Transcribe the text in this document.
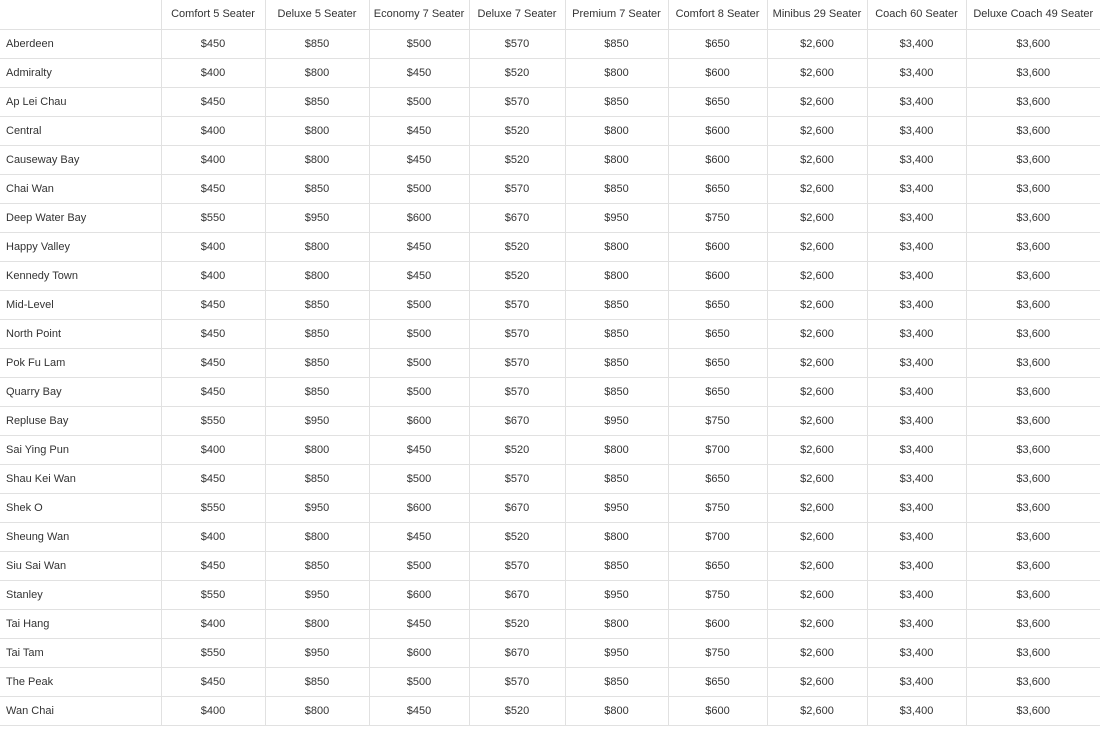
	Comfort 5 Seater	Deluxe 5 Seater	Economy 7 Seater	Deluxe 7 Seater	Premium 7 Seater	Comfort 8 Seater	Minibus 29 Seater	Coach 60 Seater	Deluxe Coach 49 Seater
Aberdeen	$450	$850	$500	$570	$850	$650	$2,600	$3,400	$3,600
Admiralty	$400	$800	$450	$520	$800	$600	$2,600	$3,400	$3,600
Ap Lei Chau	$450	$850	$500	$570	$850	$650	$2,600	$3,400	$3,600
Central	$400	$800	$450	$520	$800	$600	$2,600	$3,400	$3,600
Causeway Bay	$400	$800	$450	$520	$800	$600	$2,600	$3,400	$3,600
Chai Wan	$450	$850	$500	$570	$850	$650	$2,600	$3,400	$3,600
Deep Water Bay	$550	$950	$600	$670	$950	$750	$2,600	$3,400	$3,600
Happy Valley	$400	$800	$450	$520	$800	$600	$2,600	$3,400	$3,600
Kennedy Town	$400	$800	$450	$520	$800	$600	$2,600	$3,400	$3,600
Mid-Level	$450	$850	$500	$570	$850	$650	$2,600	$3,400	$3,600
North Point	$450	$850	$500	$570	$850	$650	$2,600	$3,400	$3,600
Pok Fu Lam	$450	$850	$500	$570	$850	$650	$2,600	$3,400	$3,600
Quarry Bay	$450	$850	$500	$570	$850	$650	$2,600	$3,400	$3,600
Repluse Bay	$550	$950	$600	$670	$950	$750	$2,600	$3,400	$3,600
Sai Ying Pun	$400	$800	$450	$520	$800	$700	$2,600	$3,400	$3,600
Shau Kei Wan	$450	$850	$500	$570	$850	$650	$2,600	$3,400	$3,600
Shek O	$550	$950	$600	$670	$950	$750	$2,600	$3,400	$3,600
Sheung Wan	$400	$800	$450	$520	$800	$700	$2,600	$3,400	$3,600
Siu Sai Wan	$450	$850	$500	$570	$850	$650	$2,600	$3,400	$3,600
Stanley	$550	$950	$600	$670	$950	$750	$2,600	$3,400	$3,600
Tai Hang	$400	$800	$450	$520	$800	$600	$2,600	$3,400	$3,600
Tai Tam	$550	$950	$600	$670	$950	$750	$2,600	$3,400	$3,600
The Peak	$450	$850	$500	$570	$850	$650	$2,600	$3,400	$3,600
Wan Chai	$400	$800	$450	$520	$800	$600	$2,600	$3,400	$3,600
